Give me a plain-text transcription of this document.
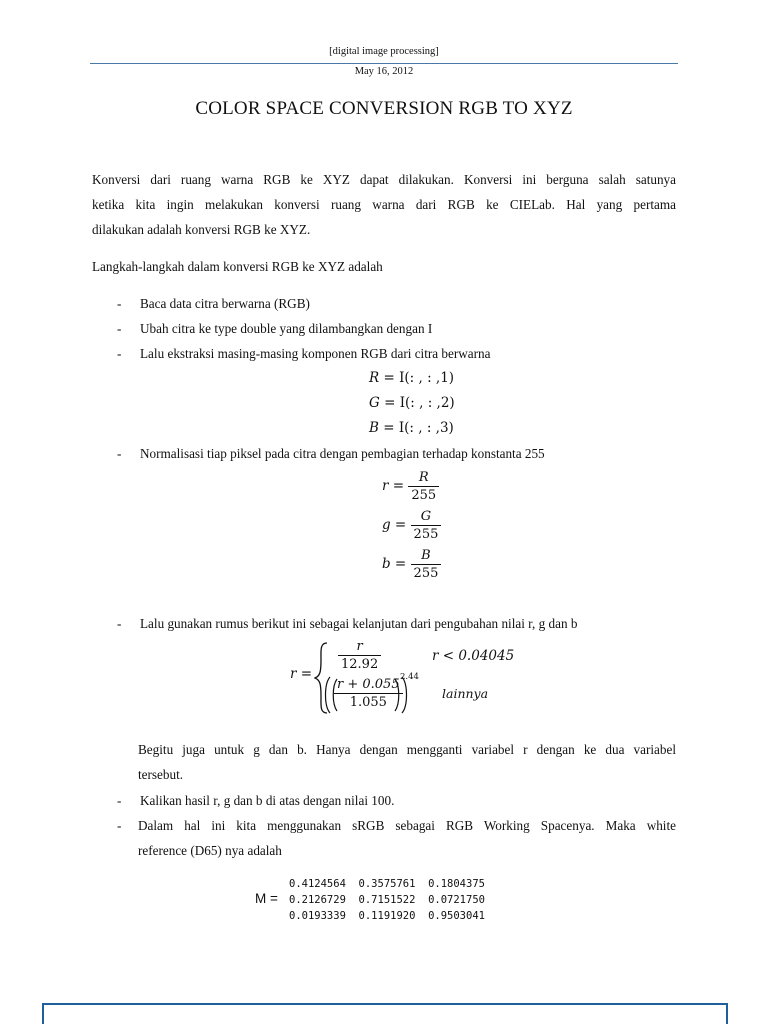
[digital image processing]
May 16, 2012
COLOR SPACE CONVERSION RGB TO XYZ
Konversi dari ruang warna RGB ke XYZ dapat dilakukan. Konversi ini berguna salah satunya
ketika kita ingin melakukan konversi ruang warna dari RGB ke CIELab. Hal yang pertama
dilakukan adalah konversi RGB ke XYZ.
Langkah-langkah dalam konversi RGB ke XYZ adalah
- Baca data citra berwarna (RGB)
- Ubah citra ke type double yang dilambangkan dengan I
- Lalu ekstraksi masing-masing komponen RGB dari citra berwarna
R = I(: , : ,1)
G = I(: , : ,2)
B = I(: , : ,3)
- Normalisasi tiap piksel pada citra dengan pembagian terhadap konstanta 255
$r = \frac{R}{255}$
$g = \frac{G}{255}$
$b = \frac{B}{255}$
- Lalu gunakan rumus berikut ini sebagai kelanjutan dari pengubahan nilai r, g dan b
r =
$\frac{r}{12.92}$	r < 0.04045
$\frac{r + 0.055}{1.055}$
2.44
lainnya
Begitu juga untuk g dan b. Hanya dengan mengganti variabel r dengan ke dua variabel
tersebut.
- Kalikan hasil r, g dan b di atas dengan nilai 100.
- Dalam hal ini kita menggunakan sRGB sebagai RGB Working Spacenya. Maka white
reference (D65) nya adalah
M =
0.4124564  0.3575761  0.1804375
0.2126729  0.7151522  0.0721750
0.0193339  0.1191920  0.9503041
